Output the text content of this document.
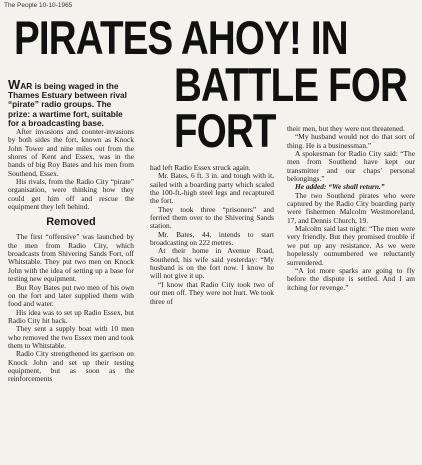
The People 10-10-1965
PIRATES AHOY! IN
BATTLE FOR
FORT

WAR is being waged in the Thames Estuary between rival “pirate” radio groups. The prize: a wartime fort, suitable for a broadcasting base.

After invasions and counter-invasions by both sides the fort, known as Knock John Tower and nine miles out from the shores of Kent and Essex, was in the hands of big Roy Bates and his men from Southend, Essex.

His rivals, from the Radio City “pirate” organisation, were thinking how they could get him off and rescue the equipment they left behind.

Removed

The first “offensive” was launched by the men from Radio City, which broadcasts from Shivering Sands Fort, off Whitstable. They put two men on Knock John with the idea of setting up a base for testing new equipment.

But Roy Bates put two men of his own on the fort and later supplied them with food and water.

His idea was to set up Radio Essex, but Radio City hit back.

They sent a supply boat with 10 men who removed the two Essex men and took them to Whitstable.

Radio City strengthened its garrison on Knock John and set up their testing equipment, but as soon as the reinforcements

had left Radio Essex struck again.

Mr. Bates, 6 ft. 3 in. and tough with it, sailed with a boarding party which scaled the 100-ft.-high steel legs and recaptured the fort.

They took three “prisoners” and ferried them over to the Shivering Sands station.

Mr. Bates, 44, intends to start broadcasting on 222 metres.

At their home in Avenue Road, Southend, his wife said yesterday: “My husband is on the fort now. I know he will not give it up.

“I know that Radio City took two of our men off. They were not hurt. We took three of

their men, but they were not threatened.

“My husband would not do that sort of thing. He is a businessman.”

A spokesman for Radio City said: “The men from Southend have kept our transmitter and our chaps’ personal belongings.”

He added: “We shall return.”

The two Southend pirates who were captured by the Radio City boarding party were fishermen Malcolm Westmoreland, 17, and Dennis Church, 19.

Malcolm said last night: “The men were very friendly. But they promised trouble if we put up any resistance. As we were hopelessly outnumbered we reluctantly surrendered.

“A lot more sparks are going to fly before the dispute is settled. And I am itching for revenge.”
